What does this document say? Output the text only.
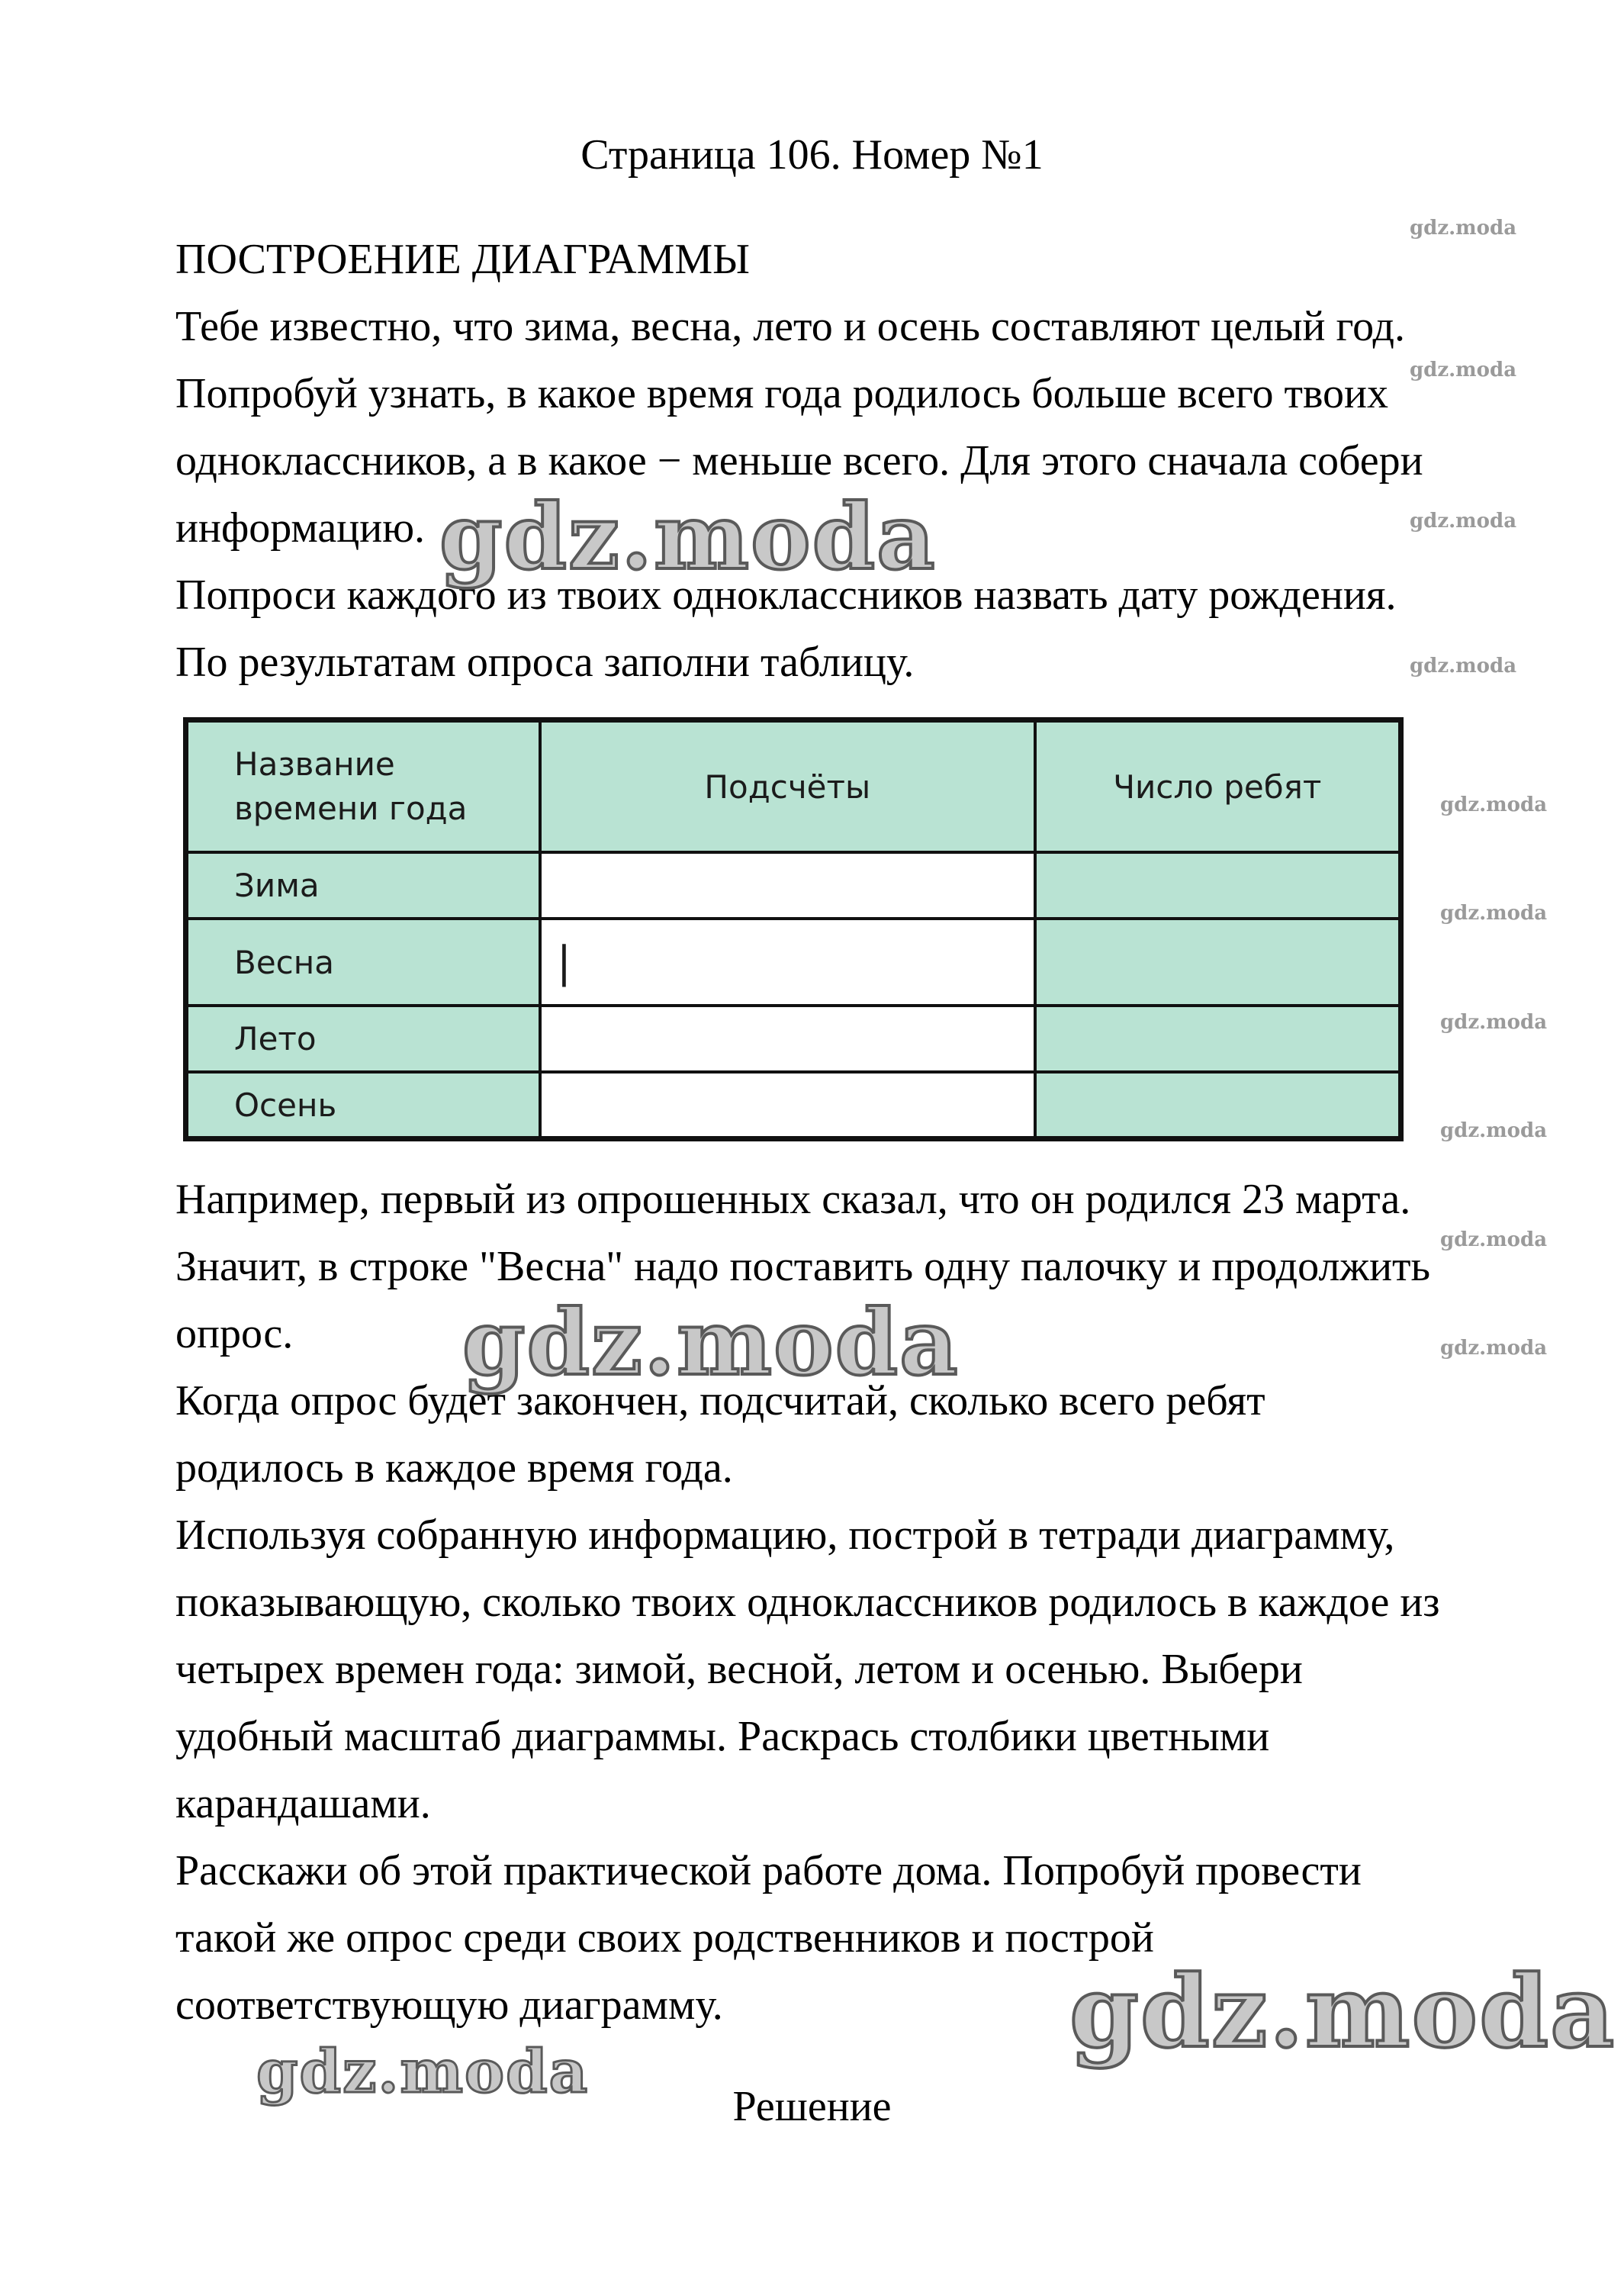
Страница 106. Номер №1
ПОСТРОЕНИЕ ДИАГРАММЫ
Тебе известно, что зима, весна, лето и осень составляют целый год.
Попробуй узнать, в какое время года родилось больше всего твоих
одноклассников, а в какое − меньше всего. Для этого сначала собери
информацию.
Попроси каждого из твоих одноклассников назвать дату рождения.
По результатам опроса заполни таблицу.
Название времени года	Подсчёты	Число ребят
Зима		
Весна	|	
Лето		
Осень		
Например, первый из опрошенных сказал, что он родился 23 марта.
Значит, в строке "Весна" надо поставить одну палочку и продолжить
опрос.
Когда опрос будет закончен, подсчитай, сколько всего ребят
родилось в каждое время года.
Используя собранную информацию, построй в тетради диаграмму,
показывающую, сколько твоих одноклассников родилось в каждое из
четырех времен года: зимой, весной, летом и осенью. Выбери
удобный масштаб диаграммы. Раскрась столбики цветными
карандашами.
Расскажи об этой практической работе дома. Попробуй провести
такой же опрос среди своих родственников и построй
соответствующую диаграмму.
Решение
gdz.moda
gdz.moda
gdz.moda
gdz.moda
gdz.moda
gdz.moda
gdz.moda
gdz.moda
gdz.moda
gdz.moda
gdz.moda
gdz.moda
gdz.moda
gdz.moda
